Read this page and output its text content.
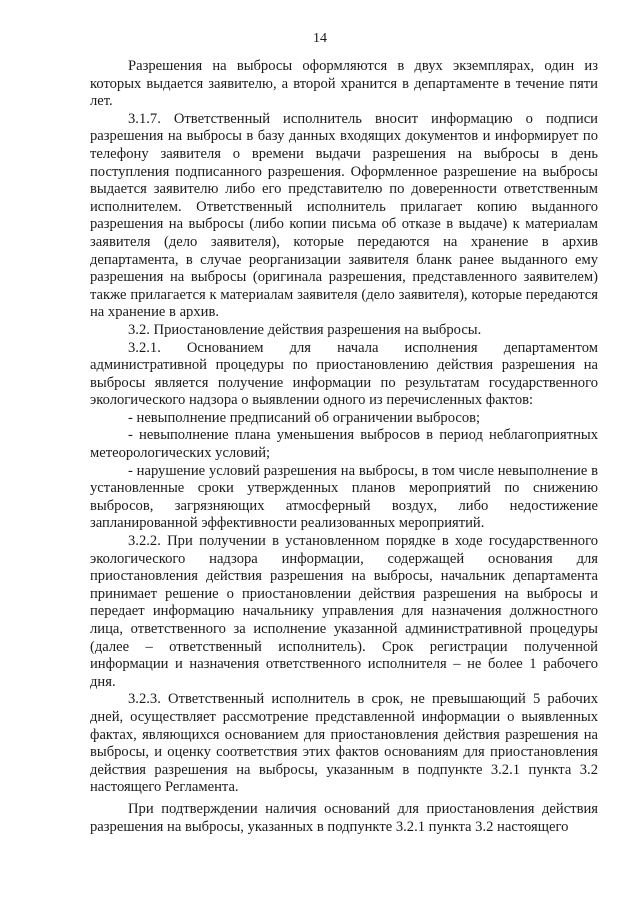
14

Разрешения на выбросы оформляются в двух экземплярах, один из которых выдается заявителю, а второй хранится в департаменте в течение пяти лет.

3.1.7. Ответственный исполнитель вносит информацию о подписи разрешения на выбросы в базу данных входящих документов и информирует по телефону заявителя о времени выдачи разрешения на выбросы в день поступления подписанного разрешения. Оформленное разрешение на выбросы выдается заявителю либо его представителю по доверенности ответственным исполнителем. Ответственный исполнитель прилагает копию выданного разрешения на выбросы (либо копии письма об отказе в выдаче) к материалам заявителя (дело заявителя), которые передаются на хранение в архив департамента, в случае реорганизации заявителя бланк ранее выданного ему разрешения на выбросы (оригинала разрешения, представленного заявителем) также прилагается к материалам заявителя (дело заявителя), которые передаются на хранение в архив.

3.2. Приостановление действия разрешения на выбросы.

3.2.1. Основанием для начала исполнения департаментом административной процедуры по приостановлению действия разрешения на выбросы является получение информации по результатам государственного экологического надзора о выявлении одного из перечисленных фактов:

- невыполнение предписаний об ограничении выбросов;

- невыполнение плана уменьшения выбросов в период неблагоприятных метеорологических условий;

- нарушение условий разрешения на выбросы, в том числе невыполнение в установленные сроки утвержденных планов мероприятий по снижению выбросов, загрязняющих атмосферный воздух, либо недостижение запланированной эффективности реализованных мероприятий.

3.2.2. При получении в установленном порядке в ходе государственного экологического надзора информации, содержащей основания для приостановления действия разрешения на выбросы, начальник департамента принимает решение о приостановлении действия разрешения на выбросы и передает информацию начальнику управления для назначения должностного лица, ответственного за исполнение указанной административной процедуры (далее – ответственный исполнитель). Срок регистрации полученной информации и назначения ответственного исполнителя – не более 1 рабочего дня.

3.2.3. Ответственный исполнитель в срок, не превышающий 5 рабочих дней, осуществляет рассмотрение представленной информации о выявленных фактах, являющихся основанием для приостановления действия разрешения на выбросы, и оценку соответствия этих фактов основаниям для приостановления действия разрешения на выбросы, указанным в подпункте 3.2.1 пункта 3.2 настоящего Регламента.

При подтверждении наличия оснований для приостановления действия разрешения на выбросы, указанных в подпункте 3.2.1 пункта 3.2 настоящего
